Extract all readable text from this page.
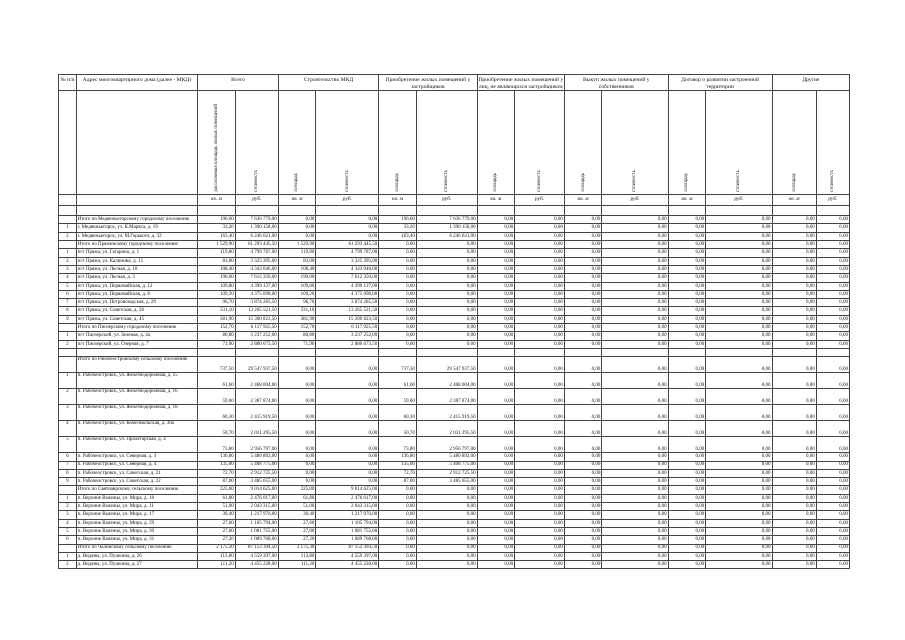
№ п/п	Адрес многоквартирного дома (далее - МКД)	Всего		Строительство МКД		Приобретение жилых помещений у застройщиков		Приобретение жилых помещений у лиц, не являющихся застройщиком		Выкуп жилых помещений у собственников		Договор о развитии застроенной территории		Другие	
		расселяемая площадь жилых помещений	стоимость	площадь	стоимость	площадь	стоимость	площадь	стоимость	площадь	стоимость	площадь	стоимость	площадь	стоимость
		кв. м	руб.	кв. м	руб.	кв. м	руб.	кв. м	руб.	кв. м	руб.	кв. м	руб.	кв. м	руб.

	Итого по Медвежьегорскому городскому поселению	196,60	7 636 779,00	0,00	0,00	196,60	7 636 779,00	0,00	0,00	0,00	0,00	0,00	0,00	0,00	0,00
1	г. Медвежьегорск, ул. К.Маркса, д. 19	33,20	1 390 158,00	0,00	0,00	33,20	1 390 158,00	0,00	0,00	0,00	0,00	0,00	0,00	0,00	0,00
2	г. Медвежьегорск, ул. М.Горького, д. 32	163,40	6 246 621,00	0,00	0,00	163,40	6 246 621,00	0,00	0,00	0,00	0,00	0,00	0,00	0,00	0,00
	Итого по Пряжинскому городскому поселению	1 529,90	61 293 445,50	1 529,90	61 293 445,50	0,00	0,00	0,00	0,00	0,00	0,00	0,00	0,00	0,00	0,00
1	пгт Пряжа, ул. Гагарина, д. 1	119,80	4 799 787,00	119,80	4 799 787,00	0,00	0,00	0,00	0,00	0,00	0,00	0,00	0,00	0,00	0,00
2	пгт Пряжа, ул. Калинина, д. 15	83,00	3 325 395,00	83,00	3 325 395,00	0,00	0,00	0,00	0,00	0,00	0,00	0,00	0,00	0,00	0,00
3	пгт Пряжа, ул. Лесная, д. 10	108,40	4 343 046,00	108,40	4 343 046,00	0,00	0,00	0,00	0,00	0,00	0,00	0,00	0,00	0,00	0,00
4	пгт Пряжа, ул. Лесная, д. 3	190,00	7 612 350,00	190,00	7 612 350,00	0,00	0,00	0,00	0,00	0,00	0,00	0,00	0,00	0,00	0,00
5	пгт Пряжа, ул. Первомайская, д. 12	109,80	4 399 137,00	109,80	4 399 137,00	0,00	0,00	0,00	0,00	0,00	0,00	0,00	0,00	0,00	0,00
6	пгт Пряжа, ул. Первомайская, д. 8	109,20	4 375 098,00	109,20	4 375 098,00	0,00	0,00	0,00	0,00	0,00	0,00	0,00	0,00	0,00	0,00
7	пгт Пряжа, ул. Петровскодская, д. 29	96,70	3 874 285,50	96,70	3 874 285,50	0,00	0,00	0,00	0,00	0,00	0,00	0,00	0,00	0,00	0,00
8	пгт Пряжа, ул. Советская, д. 26	331,10	13 265 521,50	331,10	13 265 521,50	0,00	0,00	0,00	0,00	0,00	0,00	0,00	0,00	0,00	0,00
9	пгт Пряжа, ул. Советская, д. 45	381,90	15 300 823,50	381,90	15 300 823,50	0,00	0,00	0,00	0,00	0,00	0,00	0,00	0,00	0,00	0,00
	Итого по Пиозерскому городскому поселению	152,70	6 117 925,50	152,70	6 117 925,50	0,00	0,00	0,00	0,00	0,00	0,00	0,00	0,00	0,00	0,00
1	пгт Пиозерский, ул. Зеленая, д. 4а	80,80	3 237 252,00	80,80	3 237 252,00	0,00	0,00	0,00	0,00	0,00	0,00	0,00	0,00	0,00	0,00
2	пгт Пиозерский, ул. Озерная, д. 7	71,90	2 880 673,50	71,90	2 880 673,50	0,00	0,00	0,00	0,00	0,00	0,00	0,00	0,00	0,00	0,00

	Итого по Рабочеостровскому сельскому поселению	737,50	29 547 937,50	0,00	0,00	737,50	29 547 937,50	0,00	0,00	0,00	0,00	0,00	0,00	0,00	0,00
1	п. Рабочеостровск, ул. Железнодорожная, д. 15	61,60	2 468 004,00	0,00	0,00	61,60	2 468 004,00	0,00	0,00	0,00	0,00	0,00	0,00	0,00	0,00
2	п. Рабочеостровск, ул. Железнодорожная, д. 16	59,60	2 387 874,00	0,00	0,00	59,60	2 387 874,00	0,00	0,00	0,00	0,00	0,00	0,00	0,00	0,00
3	п. Рабочеостровск, ул. Железнодорожная, д. 18	60,30	2 415 919,50	0,00	0,00	60,30	2 415 919,50	0,00	0,00	0,00	0,00	0,00	0,00	0,00	0,00
4	п. Рабочеостровск, ул. Комсомольская, д. 30а	50,70	2 031 295,50	0,00	0,00	50,70	2 031 295,50	0,00	0,00	0,00	0,00	0,00	0,00	0,00	0,00
5	п. Рабочеостровск, ул. Пролетарская, д. 4	73,80	2 956 797,00	0,00	0,00	73,80	2 956 797,00	0,00	0,00	0,00	0,00	0,00	0,00	0,00	0,00
6	п. Рабочеостровск, ул. Северная, д. 3	136,80	5 480 892,00	0,00	0,00	136,80	5 480 892,00	0,00	0,00	0,00	0,00	0,00	0,00	0,00	0,00
7	п. Рабочеостровск, ул. Северная, д. 4	135,00	5 408 775,00	0,00	0,00	135,00	5 408 775,00	0,00	0,00	0,00	0,00	0,00	0,00	0,00	0,00
8	п. Рабочеостровск, ул. Советская, д. 21	72,70	2 912 725,50	0,00	0,00	72,70	2 912 725,50	0,00	0,00	0,00	0,00	0,00	0,00	0,00	0,00
9	п. Рабочеостровск, ул. Советская, д. 22	87,00	3 485 655,00	0,00	0,00	87,00	3 485 655,00	0,00	0,00	0,00	0,00	0,00	0,00	0,00	0,00
	Итого по Святнаврскому сельскому поселению	225,00	9 014 625,00	225,00	9 014 625,00	0,00	0,00	0,00	0,00	0,00	0,00	0,00	0,00	0,00	0,00
1	п. Верхние Важины, ул. Мира, д. 10	61,80	2 476 017,00	61,80	2 476 017,00	0,00	0,00	0,00	0,00	0,00	0,00	0,00	0,00	0,00	0,00
2	п. Верхние Важины, ул. Мира, д. 11	51,00	2 043 315,00	51,00	2 043 315,00	0,00	0,00	0,00	0,00	0,00	0,00	0,00	0,00	0,00	0,00
3	п. Верхние Важины, ул. Мира, д. 17	30,40	1 217 976,00	30,40	1 217 976,00	0,00	0,00	0,00	0,00	0,00	0,00	0,00	0,00	0,00	0,00
4	п. Верхние Важины, ул. Мира, д. 29	27,60	1 105 794,00	27,60	1 105 794,00	0,00	0,00	0,00	0,00	0,00	0,00	0,00	0,00	0,00	0,00
5	п. Верхние Важины, ул. Мира, д. 30	27,00	1 081 755,00	27,00	1 081 755,00	0,00	0,00	0,00	0,00	0,00	0,00	0,00	0,00	0,00	0,00
6	п. Верхние Важины, ул. Мира, д. 31	27,20	1 089 768,00	27,20	1 089 768,00	0,00	0,00	0,00	0,00	0,00	0,00	0,00	0,00	0,00	0,00
	Итого по Чалинскому сельскому поселению	2 175,30	87 153 394,50	2 175,30	87 153 394,50	0,00	0,00	0,00	0,00	0,00	0,00	0,00	0,00	0,00	0,00
1	д. Виданы, ул. Пушкина, д. 26	113,80	4 559 397,00	113,80	4 559 397,00	0,00	0,00	0,00	0,00	0,00	0,00	0,00	0,00	0,00	0,00
2	д. Виданы, ул. Пушкина, д. 27	111,20	4 455 228,00	111,20	4 455 228,00	0,00	0,00	0,00	0,00	0,00	0,00	0,00	0,00	0,00	0,00
